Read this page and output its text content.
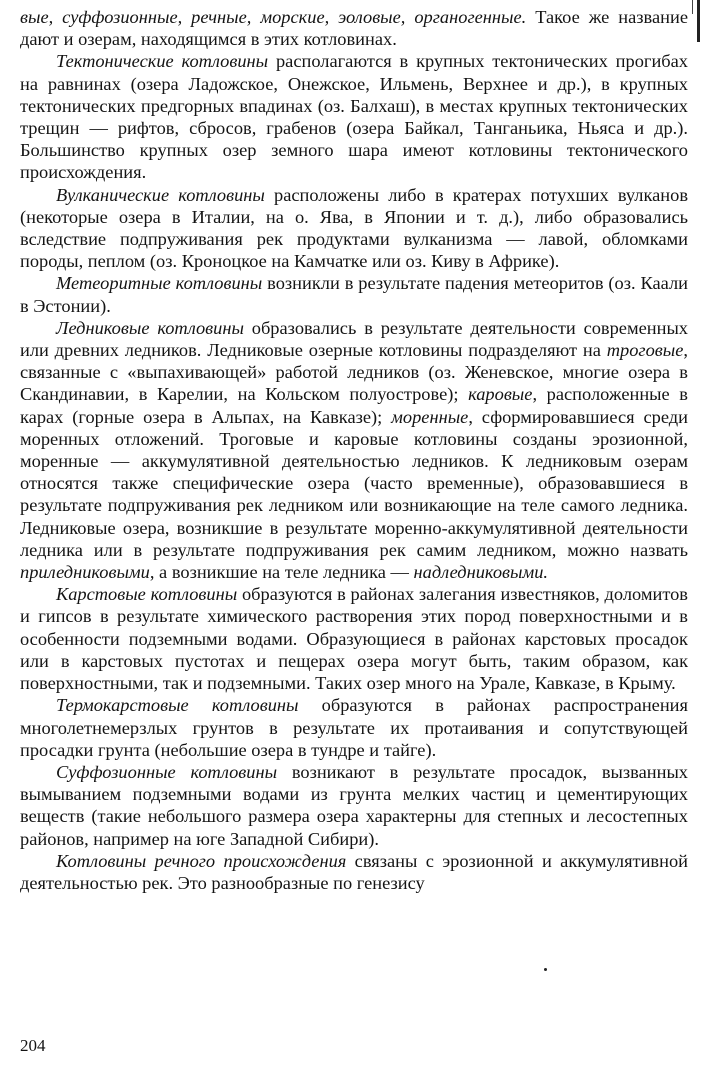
вые, суффозионные, речные, морские, эоловые, органогенные. Такое же название дают и озерам, находящимся в этих котловинах.

Тектонические котловины располагаются в крупных тектонических прогибах на равнинах (озера Ладожское, Онежское, Ильмень, Верхнее и др.), в крупных тектонических предгорных впадинах (оз. Балхаш), в местах крупных тектонических трещин — рифтов, сбросов, грабенов (озера Байкал, Танганьика, Ньяса и др.). Большинство крупных озер земного шара имеют котловины тектонического происхождения.

Вулканические котловины расположены либо в кратерах потухших вулканов (некоторые озера в Италии, на о. Ява, в Японии и т. д.), либо образовались вследствие подпруживания рек продуктами вулканизма — лавой, обломками породы, пеплом (оз. Кроноцкое на Камчатке или оз. Киву в Африке).

Метеоритные котловины возникли в результате падения метеоритов (оз. Каали в Эстонии).

Ледниковые котловины образовались в результате деятельности современных или древних ледников. Ледниковые озерные котловины подразделяют на троговые, связанные с «выпахивающей» работой ледников (оз. Женевское, многие озера в Скандинавии, в Карелии, на Кольском полуострове); каровые, расположенные в карах (горные озера в Альпах, на Кавказе); моренные, сформировавшиеся среди моренных отложений. Троговые и каровые котловины созданы эрозионной, моренные — аккумулятивной деятельностью ледников. К ледниковым озерам относятся также специфические озера (часто временные), образовавшиеся в результате подпруживания рек ледником или возникающие на теле самого ледника. Ледниковые озера, возникшие в результате моренно-аккумулятивной деятельности ледника или в результате подпруживания рек самим ледником, можно назвать приледниковыми, а возникшие на теле ледника — надледниковыми.

Карстовые котловины образуются в районах залегания известняков, доломитов и гипсов в результате химического растворения этих пород поверхностными и в особенности подземными водами. Образующиеся в районах карстовых просадок или в карстовых пустотах и пещерах озера могут быть, таким образом, как поверхностными, так и подземными. Таких озер много на Урале, Кавказе, в Крыму.

Термокарстовые котловины образуются в районах распространения многолетнемерзлых грунтов в результате их протаивания и сопутствующей просадки грунта (небольшие озера в тундре и тайге).

Суффозионные котловины возникают в результате просадок, вызванных вымыванием подземными водами из грунта мелких частиц и цементирующих веществ (такие небольшого размера озера характерны для степных и лесостепных районов, например на юге Западной Сибири).

Котловины речного происхождения связаны с эрозионной и аккумулятивной деятельностью рек. Это разнообразные по генезису

204
